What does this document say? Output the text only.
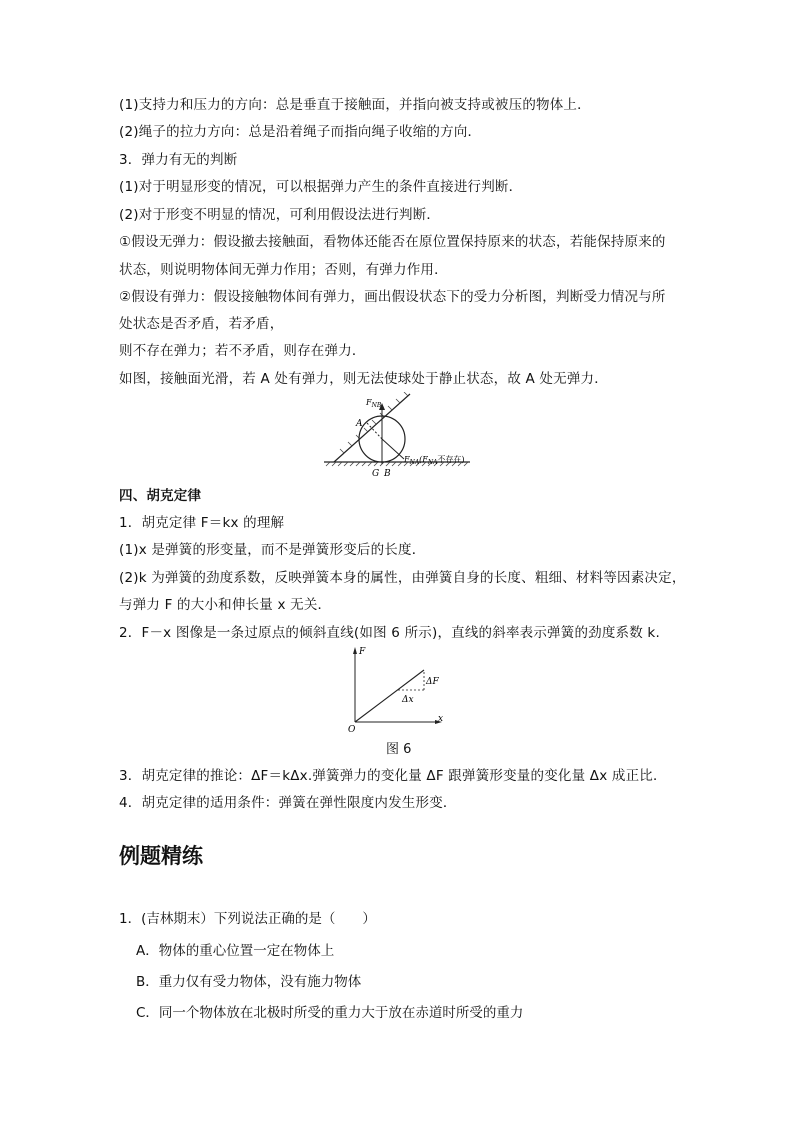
(1)支持力和压力的方向：总是垂直于接触面，并指向被支持或被压的物体上．
(2)绳子的拉力方向：总是沿着绳子而指向绳子收缩的方向．
3．弹力有无的判断
(1)对于明显形变的情况，可以根据弹力产生的条件直接进行判断．
(2)对于形变不明显的情况，可利用假设法进行判断．
①假设无弹力：假设撤去接触面，看物体还能否在原位置保持原来的状态，若能保持原来的
状态，则说明物体间无弹力作用；否则，有弹力作用．
②假设有弹力：假设接触物体间有弹力，画出假设状态下的受力分析图，判断受力情况与所
处状态是否矛盾，若矛盾，
则不存在弹力；若不矛盾，则存在弹力．
如图，接触面光滑，若 A 处有弹力，则无法使球处于静止状态，故 A 处无弹力．
$F_{NB}$
A
G B
$F_{NA}(F_{NA}$不存在)
四、胡克定律
1．胡克定律 F＝kx 的理解
(1)x 是弹簧的形变量，而不是弹簧形变后的长度．
(2)k 为弹簧的劲度系数，反映弹簧本身的属性，由弹簧自身的长度、粗细、材料等因素决定，
与弹力 F 的大小和伸长量 x 无关．
2．F－x 图像是一条过原点的倾斜直线(如图 6 所示)，直线的斜率表示弹簧的劲度系数 k.
F
x
O
ΔF
Δx
图 6
3．胡克定律的推论：ΔF＝kΔx.弹簧弹力的变化量 ΔF 跟弹簧形变量的变化量 Δx 成正比．
4．胡克定律的适用条件：弹簧在弹性限度内发生形变．
例题精练
1．(吉林期末）下列说法正确的是（　　）
A．物体的重心位置一定在物体上
B．重力仅有受力物体，没有施力物体
C．同一个物体放在北极时所受的重力大于放在赤道时所受的重力
